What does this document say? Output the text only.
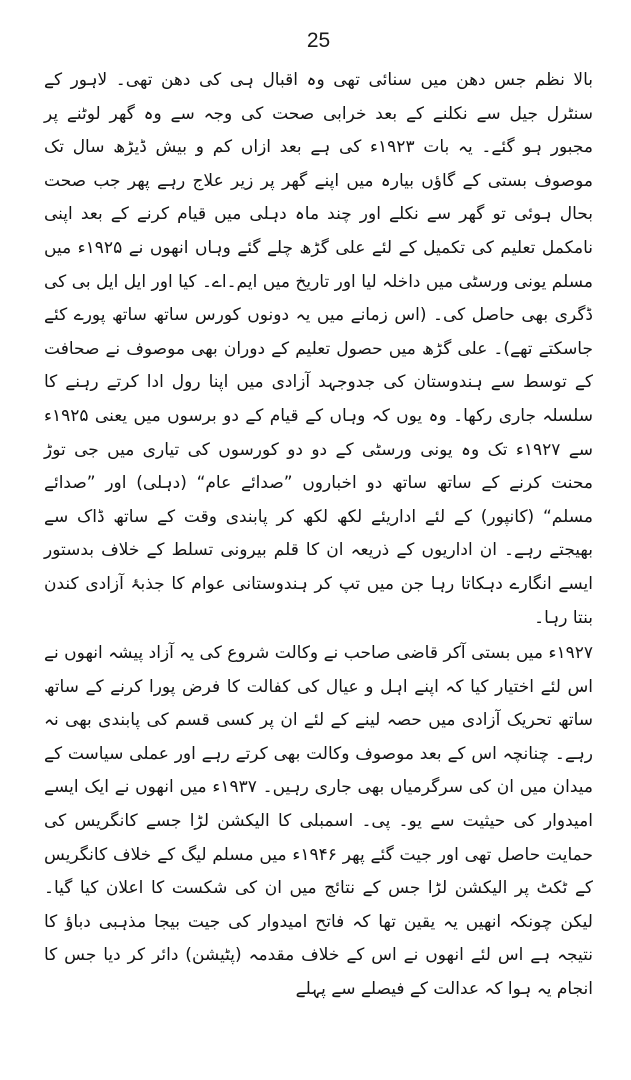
25

بالا نظم جس دھن میں سنائی تھی وہ اقبال ہی کی دھن تھی۔ لاہور کے سنٹرل جیل سے نکلنے کے بعد خرابی صحت کی وجہ سے وہ گھر لوٹنے پر مجبور ہو گئے۔ یہ بات ۱۹۲۳ء کی ہے بعد ازاں کم و بیش ڈیڑھ سال تک موصوف بستی کے گاؤں بیارہ میں اپنے گھر پر زیر علاج رہے پھر جب صحت بحال ہوئی تو گھر سے نکلے اور چند ماہ دہلی میں قیام کرنے کے بعد اپنی نامکمل تعلیم کی تکمیل کے لئے علی گڑھ چلے گئے وہاں انھوں نے ۱۹۲۵ء میں مسلم یونی ورسٹی میں داخلہ لیا اور تاریخ میں ایم۔اے۔ کیا اور ایل ایل بی کی ڈگری بھی حاصل کی۔ (اس زمانے میں یہ دونوں کورس ساتھ ساتھ پورے کئے جاسکتے تھے)۔ علی گڑھ میں حصول تعلیم کے دوران بھی موصوف نے صحافت کے توسط سے ہندوستان کی جدوجہد آزادی میں اپنا رول ادا کرتے رہنے کا سلسلہ جاری رکھا۔ وہ یوں کہ وہاں کے قیام کے دو برسوں میں یعنی ۱۹۲۵ء سے ۱۹۲۷ء تک وہ یونی ورسٹی کے دو دو کورسوں کی تیاری میں جی توڑ محنت کرنے کے ساتھ ساتھ دو اخباروں ”صدائے عام“ (دہلی) اور ”صدائے مسلم“ (کانپور) کے لئے اداریئے لکھ لکھ کر پابندی وقت کے ساتھ ڈاک سے بھیجتے رہے۔ ان اداریوں کے ذریعہ ان کا قلم بیرونی تسلط کے خلاف بدستور ایسے انگارے دہکاتا رہا جن میں تپ کر ہندوستانی عوام کا جذبۂ آزادی کندن بنتا رہا۔

۱۹۲۷ء میں بستی آکر قاضی صاحب نے وکالت شروع کی یہ آزاد پیشہ انھوں نے اس لئے اختیار کیا کہ اپنے اہل و عیال کی کفالت کا فرض پورا کرنے کے ساتھ ساتھ تحریک آزادی میں حصہ لینے کے لئے ان پر کسی قسم کی پابندی بھی نہ رہے۔ چنانچہ اس کے بعد موصوف وکالت بھی کرتے رہے اور عملی سیاست کے میدان میں ان کی سرگرمیاں بھی جاری رہیں۔ ۱۹۳۷ء میں انھوں نے ایک ایسے امیدوار کی حیثیت سے یو۔ پی۔ اسمبلی کا الیکشن لڑا جسے کانگریس کی حمایت حاصل تھی اور جیت گئے پھر ۱۹۴۶ء میں مسلم لیگ کے خلاف کانگریس کے ٹکٹ پر الیکشن لڑا جس کے نتائج میں ان کی شکست کا اعلان کیا گیا۔ لیکن چونکہ انھیں یہ یقین تھا کہ فاتح امیدوار کی جیت بیجا مذہبی دباؤ کا نتیجہ ہے اس لئے انھوں نے اس کے خلاف مقدمہ (پٹیشن) دائر کر دیا جس کا انجام یہ ہوا کہ عدالت کے فیصلے سے پہلے
